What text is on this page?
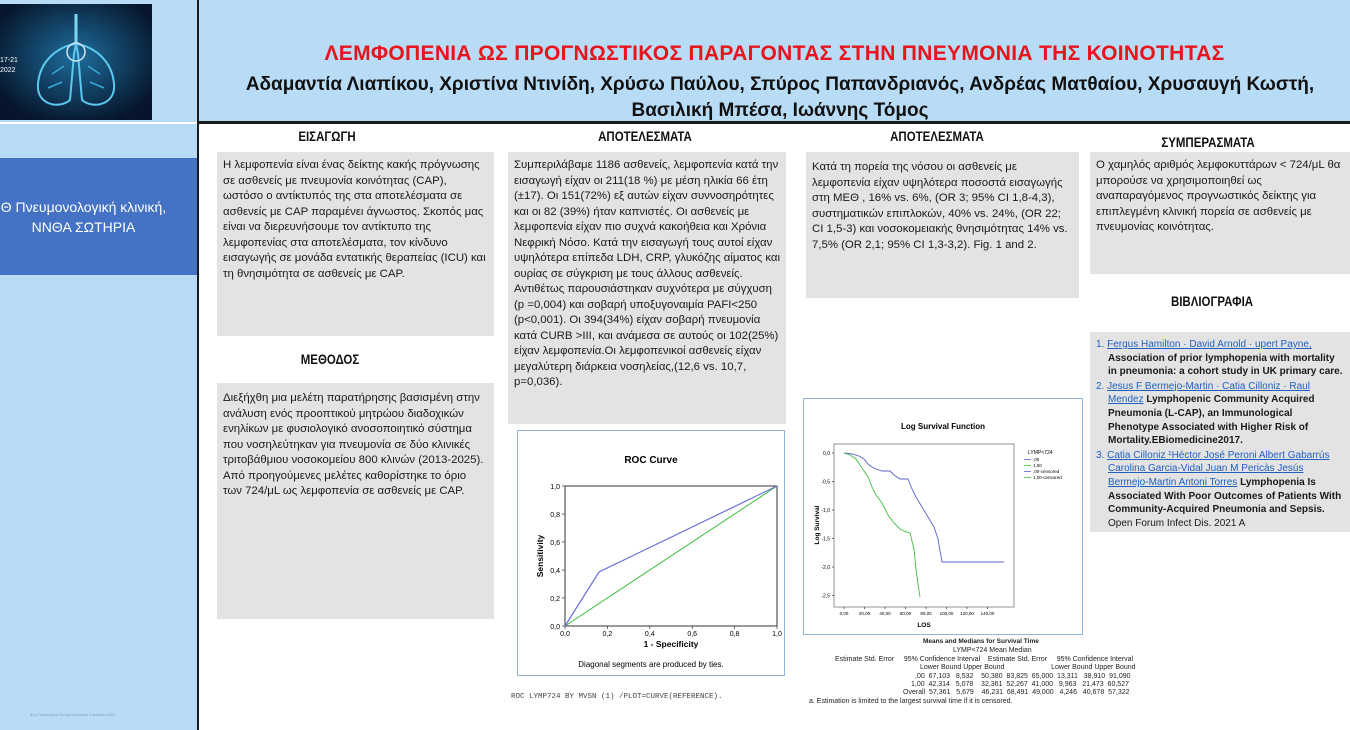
17-21 2022
Θ Πνευμονολογική κλινική,
ΝΝΘΑ ΣΩΤΗΡΙΑ
33o Πανελλήνιο Πνευμονολογικό Συνέδριο 2025
ΛΕΜΦΟΠΕΝΙΑ ΩΣ ΠΡΟΓΝΩΣΤΙΚΟΣ ΠΑΡΑΓΟΝΤΑΣ ΣΤΗΝ ΠΝΕΥΜΟΝΙΑ ΤΗΣ ΚΟΙΝΟΤΗΤΑΣ
Αδαμαντία Λιαπίκου, Χριστίνα Ντινίδη, Χρύσω Παύλου, Σπύρος Παπανδριανός, Ανδρέας Ματθαίου, Χρυσαυγή Κωστή, Βασιλική Μπέσα, Ιωάννης Τόμος
ΕΙΣΑΓΩΓΗ
Η λεμφοπενία είναι ένας δείκτης κακής πρόγνωσης σε ασθενείς με πνευμονία κοινότητας (CAP), ωστόσο ο αντίκτυπός της στα αποτελέσματα σε ασθενείς με CAP παραμένει άγνωστος. Σκοπός μας είναι να διερευνήσουμε τον αντίκτυπο της λεμφοπενίας στα αποτελέσματα, τον κίνδυνο εισαγωγής σε μονάδα εντατικής θεραπείας (ICU) και τη θνησιμότητα σε ασθενείς με CAP.
ΜΕΘΟΔΟΣ
Διεξήχθη μια μελέτη παρατήρησης βασισμένη στην ανάλυση ενός προοπτικού μητρώου διαδοχικών ενηλίκων με φυσιολογικό ανοσοποιητικό σύστημα που νοσηλεύτηκαν για πνευμονία σε δύο κλινικές τριτοβάθμιου νοσοκομείου 800 κλινών (2013-2025).
Από προηγούμενες μελέτες καθορίστηκε το όριο των 724/μL ως λεμφοπενία σε ασθενείς με CAP.
ΑΠΟΤΕΛΕΣΜΑΤΑ
Συμπεριλάβαμε 1186 ασθενείς, λεμφοπενία κατά την εισαγωγή είχαν οι 211(18 %) με μέση ηλικία 66 έτη (±17). Οι 151(72%) εξ αυτών είχαν συννοσηρότητες και οι 82 (39%) ήταν καπνιστές. Οι ασθενείς με λεμφοπενία είχαν πιο συχνά κακοήθεια και Χρόνια Νεφρική Νόσο. Κατά την εισαγωγή τους αυτοί είχαν υψηλότερα επίπεδα LDH, CRP, γλυκόζης αίματος και ουρίας σε σύγκριση με τους άλλους ασθενείς. Αντιθέτως παρουσιάστηκαν συχνότερα με σύγχυση (p =0,004) και σοβαρή υποξυγοναιμία PAFI<250 (p<0,001). Οι 394(34%) είχαν σοβαρή πνευμονία κατά CURB >III, και ανάμεσα σε αυτούς οι 102(25%) είχαν λεμφοπενία.Οι λεμφοπενικοί ασθενείς είχαν μεγαλύτερη διάρκεια νοσηλείας,(12,6 vs. 10,7, p=0,036).
ROC Curve
0,0
0,2
0,4
0,6
0,8
1,0
0,0	0,2	0,4	0,6	0,8	1,0
Sensitivity
1 - Specificity
Diagonal segments are produced by ties.
ROC LYMP724 BY MVSN (1) /PLOT=CURVE(REFERENCE).
ΑΠΟΤΕΛΕΣΜΑΤΑ
Κατά τη πορεία της νόσου οι ασθενείς με λεμφοπενία είχαν υψηλότερα ποσοστά εισαγωγής στη ΜΕΘ , 16% vs. 6%, (OR 3; 95% CI 1,8-4,3), συστηματικών επιπλοκών, 40% vs. 24%, (OR 22; CI 1,5-3) και νοσοκομειακής θνησιμότητας 14% vs. 7,5% (OR 2,1; 95% CI 1,3-3,2). Fig. 1 and 2.
Log Survival Function
0,0
-0,5
-1,0
-1,5
-2,0
-2,5
0,00 20,00 40,00 60,00 80,00 100,00 120,00 140,00
Log Survival
LOS
LYMP<724
,00
1,00
,00-censored
1,00-censored
Means and Medians for Survival Time
LYMP<724 Mean Median
Estimate Std. Error     95% Confidence Interval    Estimate Std. Error     95% Confidence Interval
Lower Bound Upper Bound                        Lower Bound Upper Bound
,00  67,103   8,532    50,380  83,825  65,000  13,311   38,910  91,090
1,00  42,314   5,078    32,361  52,267  41,000   9,963   21,473  60,527
Overall  57,361   5,679    46,231  68,491  49,000   4,246   40,678  57,322
a. Estimation is limited to the largest survival time if it is censored.
ΣΥΜΠΕΡΑΣΜΑΤΑ
Ο χαμηλός αριθμός λεμφοκυττάρων < 724/μL θα μπορούσε να χρησιμοποιηθεί ως αναπαραγόμενος προγνωστικός δείκτης για επιπλεγμένη κλινική πορεία σε ασθενείς με πνευμονίας κοινότητας.
ΒΙΒΛΙΟΓΡΑΦΙΑ
1. Fergus Hamilton · David Arnold · upert Payne, Association of prior lymphopenia with mortality in pneumonia: a cohort study in UK primary care.
2. Jesus F Bermejo-Martin · Catia Cilloniz · Raul Mendez Lymphopenic Community Acquired Pneumonia (L-CAP), an Immunological Phenotype Associated with Higher Risk of Mortality.EBiomedicine2017.
3. Catia Cilloniz ¹Héctor José Peroni Albert Gabarrús Carolina Garcia-Vidal Juan M Pericàs Jesús Bermejo-Martin Antoni Torres Lymphopenia Is Associated With Poor Outcomes of Patients With Community-Acquired Pneumonia and Sepsis. Open Forum Infect Dis. 2021 A
